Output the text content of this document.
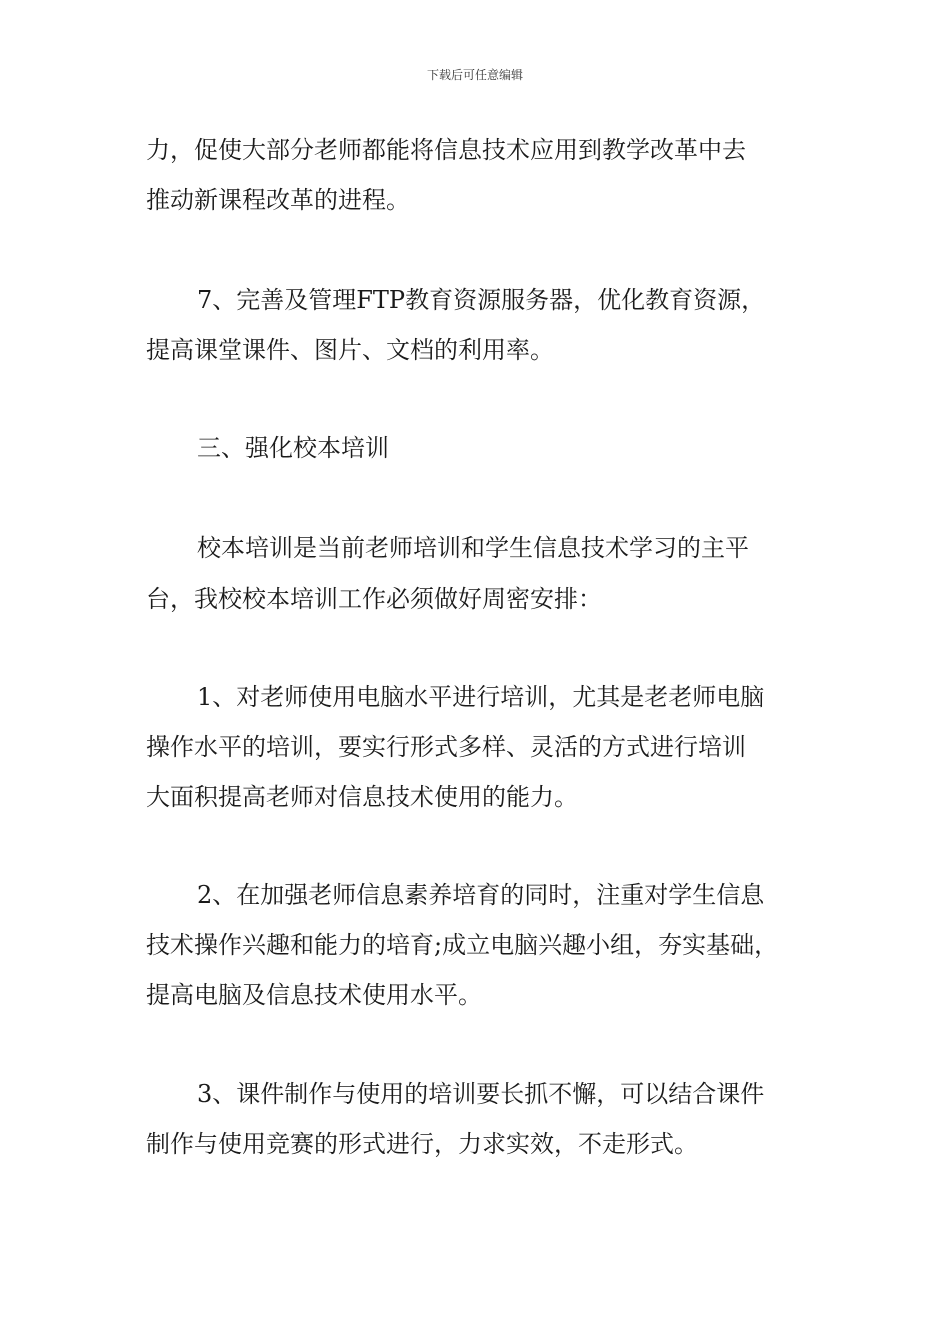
下载后可任意编辑
力，促使大部分老师都能将信息技术应用到教学改革中去
推动新课程改革的进程。
7、完善及管理FTP教育资源服务器，优化教育资源，
提高课堂课件、图片、文档的利用率。
三、强化校本培训
校本培训是当前老师培训和学生信息技术学习的主平
台，我校校本培训工作必须做好周密安排：
1、对老师使用电脑水平进行培训，尤其是老老师电脑
操作水平的培训，要实行形式多样、灵活的方式进行培训
大面积提高老师对信息技术使用的能力。
2、在加强老师信息素养培育的同时，注重对学生信息
技术操作兴趣和能力的培育;成立电脑兴趣小组，夯实基础，
提高电脑及信息技术使用水平。
3、课件制作与使用的培训要长抓不懈，可以结合课件
制作与使用竞赛的形式进行，力求实效，不走形式。
